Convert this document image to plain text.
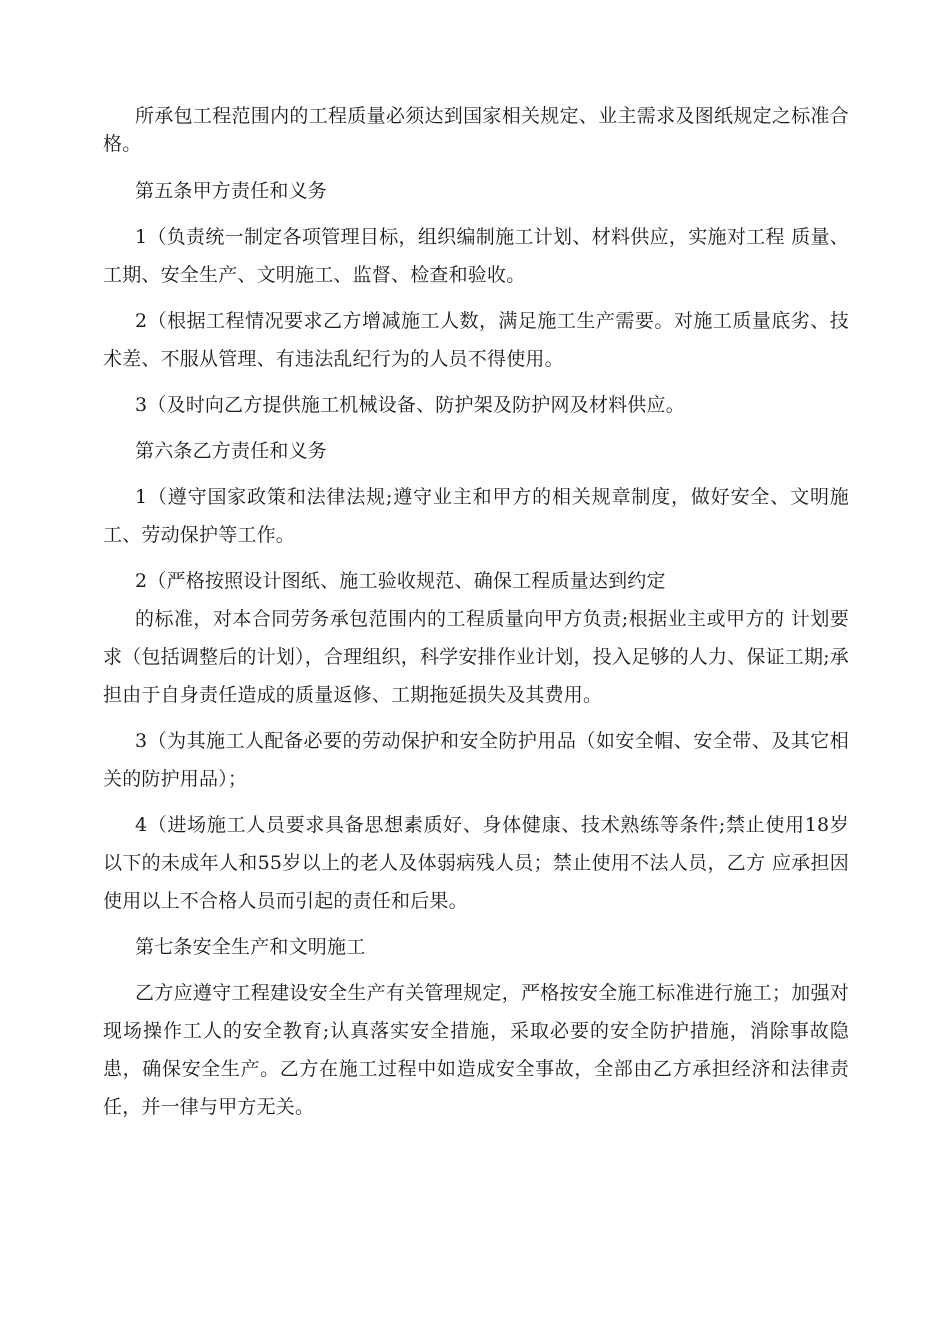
所承包工程范围内的工程质量必须达到国家相关规定、业主需求及图纸规定之标准合格。

第五条甲方责任和义务

1（负责统一制定各项管理目标，组织编制施工计划、材料供应，实施对工程 质量、工期、安全生产、文明施工、监督、检查和验收。

2（根据工程情况要求乙方增减施工人数，满足施工生产需要。对施工质量底劣、技术差、不服从管理、有违法乱纪行为的人员不得使用。

3（及时向乙方提供施工机械设备、防护架及防护网及材料供应。

第六条乙方责任和义务

1（遵守国家政策和法律法规;遵守业主和甲方的相关规章制度，做好安全、文明施工、劳动保护等工作。

2（严格按照设计图纸、施工验收规范、确保工程质量达到约定

的标准，对本合同劳务承包范围内的工程质量向甲方负责;根据业主或甲方的 计划要求（包括调整后的计划），合理组织，科学安排作业计划，投入足够的人力、保证工期;承担由于自身责任造成的质量返修、工期拖延损失及其费用。

3（为其施工人配备必要的劳动保护和安全防护用品（如安全帽、安全带、及其它相关的防护用品）；

4（进场施工人员要求具备思想素质好、身体健康、技术熟练等条件;禁止使用18岁以下的未成年人和55岁以上的老人及体弱病残人员；禁止使用不法人员，乙方 应承担因使用以上不合格人员而引起的责任和后果。

第七条安全生产和文明施工

乙方应遵守工程建设安全生产有关管理规定，严格按安全施工标准进行施工；加强对现场操作工人的安全教育;认真落实安全措施，采取必要的安全防护措施，消除事故隐患，确保安全生产。乙方在施工过程中如造成安全事故，全部由乙方承担经济和法律责任，并一律与甲方无关。
